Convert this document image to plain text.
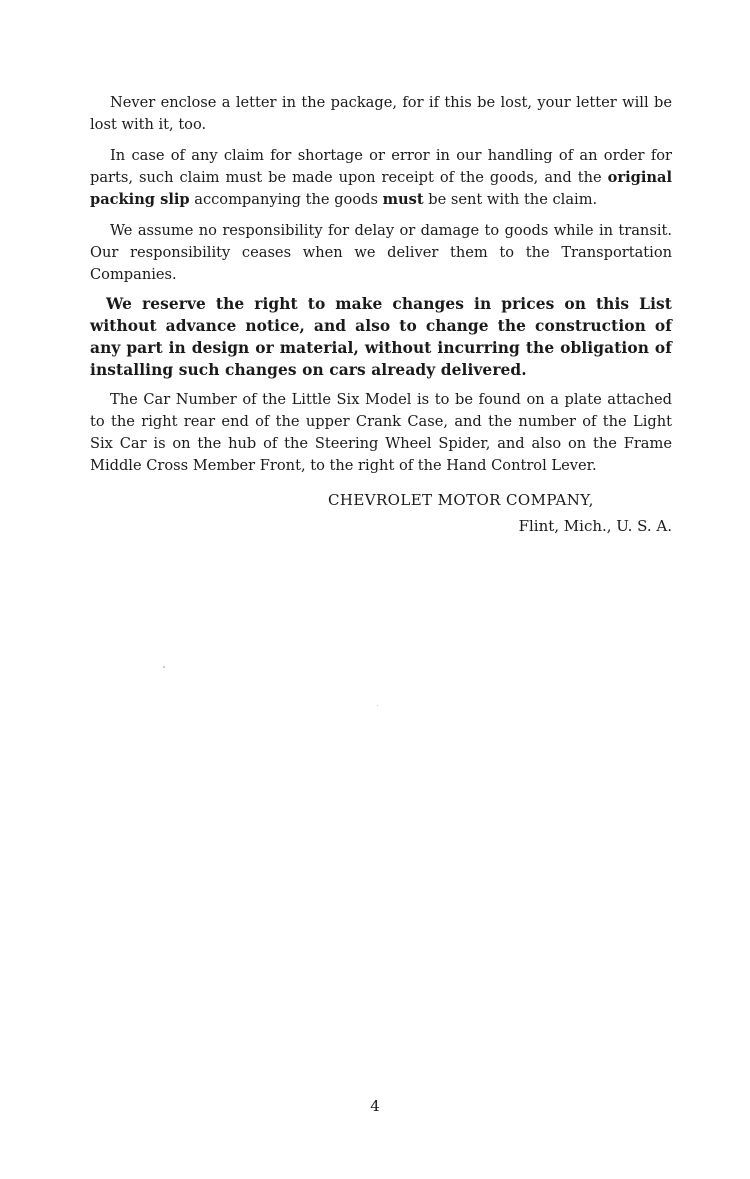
Never enclose a letter in the package, for if this be lost, your letter will be lost with it, too.

In case of any claim for shortage or error in our handling of an order for parts, such claim must be made upon receipt of the goods, and the original packing slip accompanying the goods must be sent with the claim.

We assume no responsibility for delay or damage to goods while in transit. Our responsibility ceases when we deliver them to the Transportation Companies.

We reserve the right to make changes in prices on this List without advance notice, and also to change the construction of any part in design or material, without incurring the obligation of installing such changes on cars already delivered.

The Car Number of the Little Six Model is to be found on a plate attached to the right rear end of the upper Crank Case, and the number of the Light Six Car is on the hub of the Steering Wheel Spider, and also on the Frame Middle Cross Member Front, to the right of the Hand Control Lever.

CHEVROLET MOTOR COMPANY,
Flint, Mich., U. S. A.
4
